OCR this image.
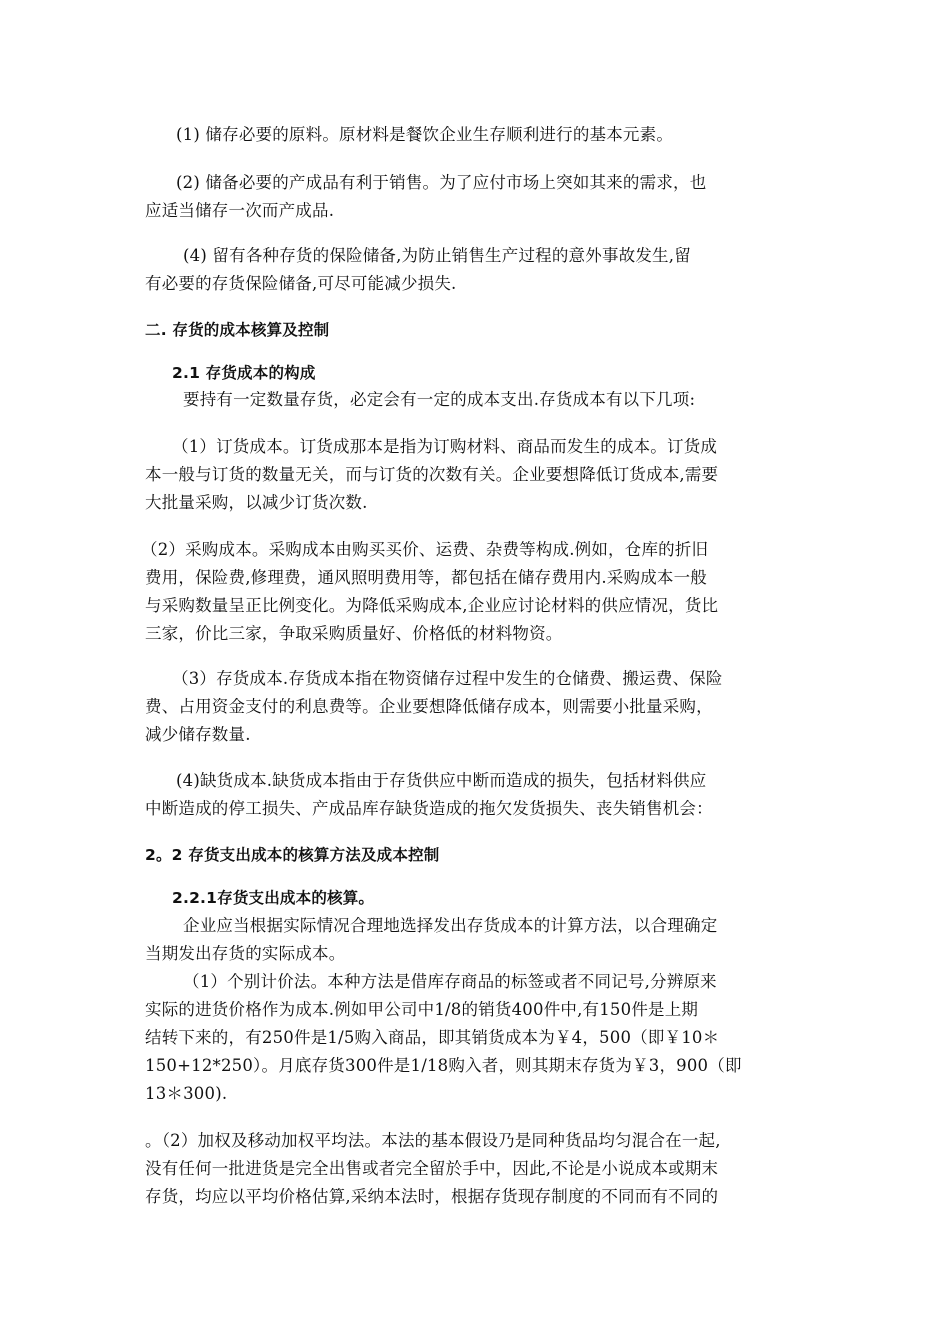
(1) 储存必要的原料。原材料是餐饮企业生存顺利进行的基本元素。
(2) 储备必要的产成品有利于销售。为了应付市场上突如其来的需求，也
应适当储存一次而产成品.
(4) 留有各种存货的保险储备,为防止销售生产过程的意外事故发生,留
有必要的存货保险储备,可尽可能减少损失.
二. 存货的成本核算及控制
2.1 存货成本的构成
要持有一定数量存货，必定会有一定的成本支出.存货成本有以下几项:
（1）订货成本。订货成那本是指为订购材料、商品而发生的成本。订货成
本一般与订货的数量无关，而与订货的次数有关。企业要想降低订货成本,需要
大批量采购，以减少订货次数.
（2）采购成本。采购成本由购买买价、运费、杂费等构成.例如，仓库的折旧
费用，保险费,修理费，通风照明费用等，都包括在储存费用内.采购成本一般
与采购数量呈正比例变化。为降低采购成本,企业应讨论材料的供应情况，货比
三家，价比三家，争取采购质量好、价格低的材料物资。
（3）存货成本.存货成本指在物资储存过程中发生的仓储费、搬运费、保险
费、占用资金支付的利息费等。企业要想降低储存成本，则需要小批量采购，
减少储存数量.
(4)缺货成本.缺货成本指由于存货供应中断而造成的损失，包括材料供应
中断造成的停工损失、产成品库存缺货造成的拖欠发货损失、丧失销售机会：
2。2 存货支出成本的核算方法及成本控制
2.2.1存货支出成本的核算。
企业应当根据实际情况合理地选择发出存货成本的计算方法，以合理确定
当期发出存货的实际成本。
（1）个别计价法。本种方法是借库存商品的标签或者不同记号,分辨原来
实际的进货价格作为成本.例如甲公司中1/8的销货400件中,有150件是上期
结转下来的，有250件是1/5购入商品，即其销货成本为￥4，500（即￥10＊
150+12*250）。月底存货300件是1/18购入者，则其期末存货为￥3，900（即
13＊300).
。（2）加权及移动加权平均法。本法的基本假设乃是同种货品均匀混合在一起,
没有任何一批进货是完全出售或者完全留於手中，因此,不论是小说成本或期末
存货，均应以平均价格估算,采纳本法时，根据存货现存制度的不同而有不同的
